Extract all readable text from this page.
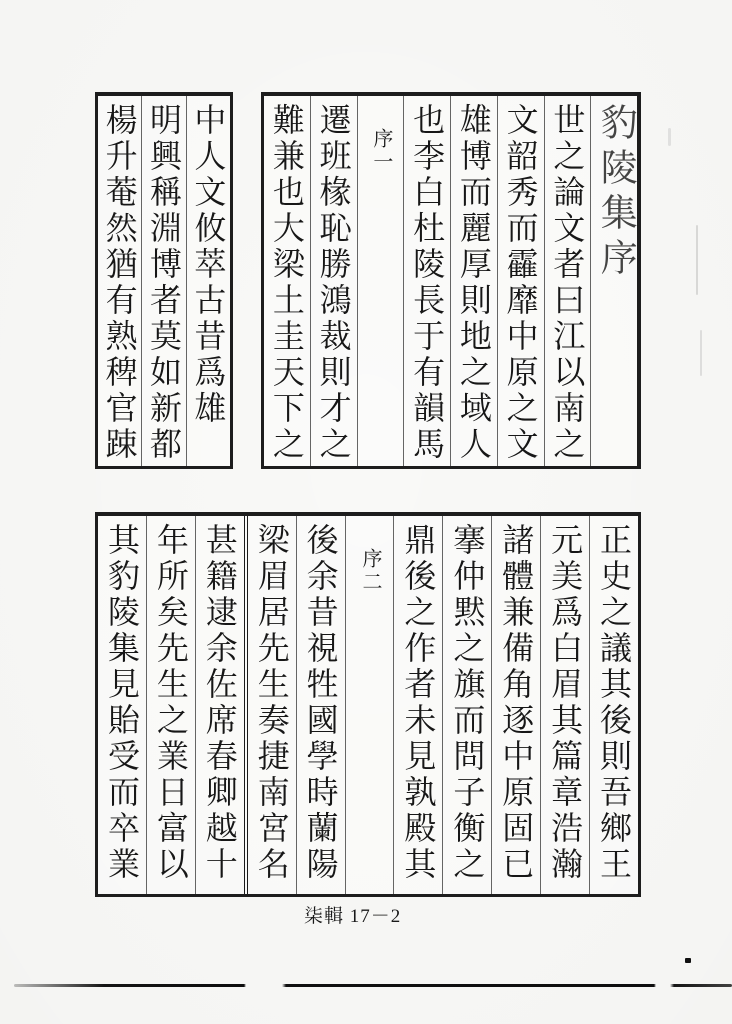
豹陵集序
世之論文者曰江以南之
文韶秀而靃靡中原之文
雄博而麗厚則地之域人
也李白杜陵長于有韻馬
序一
遷班椽恥勝鴻裁則才之
難兼也大梁土圭天下之
中人文攸萃古昔爲雄
明興稱淵博者莫如新都
楊升菴然猶有熟稗官踈
正史之議其後則吾鄉王
元美爲白眉其篇章浩瀚
諸體兼備角逐中原固已
搴仲黙之旗而問子衡之
鼎後之作者未見孰殿其
序二
後余昔視牲國學時蘭陽
梁眉居先生奏捷南宮名
甚籍逮余佐席春卿越十
年所矣先生之業日富以
其豹陵集見貽受而卒業
柒輯 17－2
